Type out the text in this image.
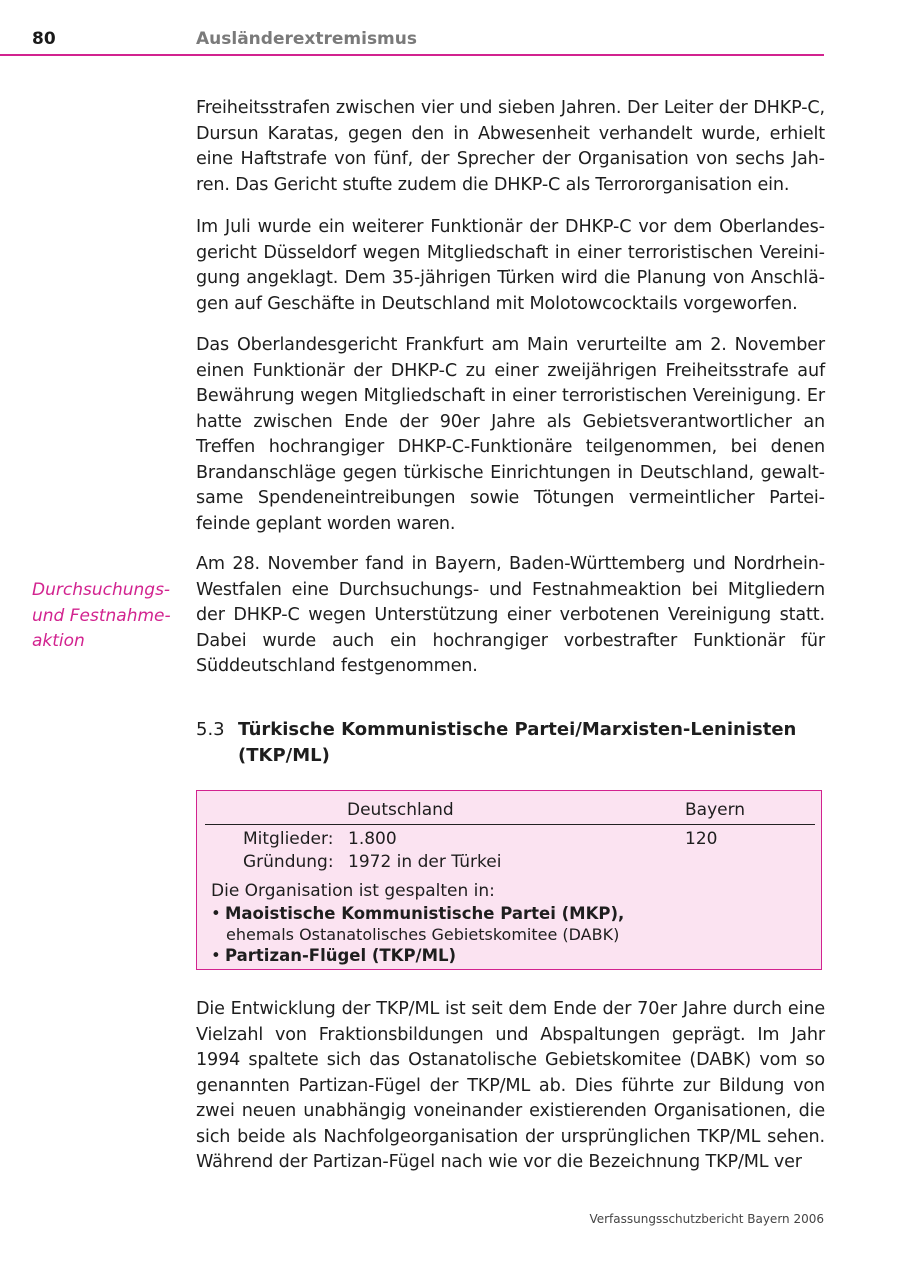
80	Ausländerextremismus

Freiheitsstrafen zwischen vier und sieben Jahren. Der Leiter der DHKP-C, Dursun Karatas, gegen den in Abwesenheit verhandelt wurde, erhielt eine Haftstrafe von fünf, der Sprecher der Organisation von sechs Jahren. Das Gericht stufte zudem die DHKP-C als Terrororganisation ein.

Im Juli wurde ein weiterer Funktionär der DHKP-C vor dem Oberlandesgericht Düsseldorf wegen Mitgliedschaft in einer terroristischen Vereinigung angeklagt. Dem 35-jährigen Türken wird die Planung von Anschlägen auf Geschäfte in Deutschland mit Molotowcocktails vorgeworfen.

Das Oberlandesgericht Frankfurt am Main verurteilte am 2. November einen Funktionär der DHKP-C zu einer zweijährigen Freiheitsstrafe auf Bewährung wegen Mitgliedschaft in einer terroristischen Vereinigung. Er hatte zwischen Ende der 90er Jahre als Gebietsverantwortlicher an Treffen hochrangiger DHKP-C-Funktionäre teilgenommen, bei denen Brandanschläge gegen türkische Einrichtungen in Deutschland, gewaltsame Spendeneintreibungen sowie Tötungen vermeintlicher Parteifeinde geplant worden waren.

Durchsuchungs- und Festnahme- aktion

Am 28. November fand in Bayern, Baden-Württemberg und Nordrhein-Westfalen eine Durchsuchungs- und Festnahmeaktion bei Mitgliedern der DHKP-C wegen Unterstützung einer verbotenen Vereinigung statt. Dabei wurde auch ein hochrangiger vorbestrafter Funktionär für Süddeutschland festgenommen.

5.3 Türkische Kommunistische Partei/Marxisten-Leninisten (TKP/ML)
Deutschland	Bayern
Mitglieder: 1.800	120
Gründung: 1972 in der Türkei
Die Organisation ist gespalten in:
• Maoistische Kommunistische Partei (MKP),
ehemals Ostanatolisches Gebietskomitee (DABK)
• Partizan-Flügel (TKP/ML)

Die Entwicklung der TKP/ML ist seit dem Ende der 70er Jahre durch eine Vielzahl von Fraktionsbildungen und Abspaltungen geprägt. Im Jahr 1994 spaltete sich das Ostanatolische Gebietskomitee (DABK) vom so genannten Partizan-Fügel der TKP/ML ab. Dies führte zur Bildung von zwei neuen unabhängig voneinander existierenden Organisationen, die sich beide als Nachfolgeorganisation der ursprünglichen TKP/ML sehen. Während der Partizan-Fügel nach wie vor die Bezeichnung TKP/ML ver

Verfassungsschutzbericht Bayern 2006
